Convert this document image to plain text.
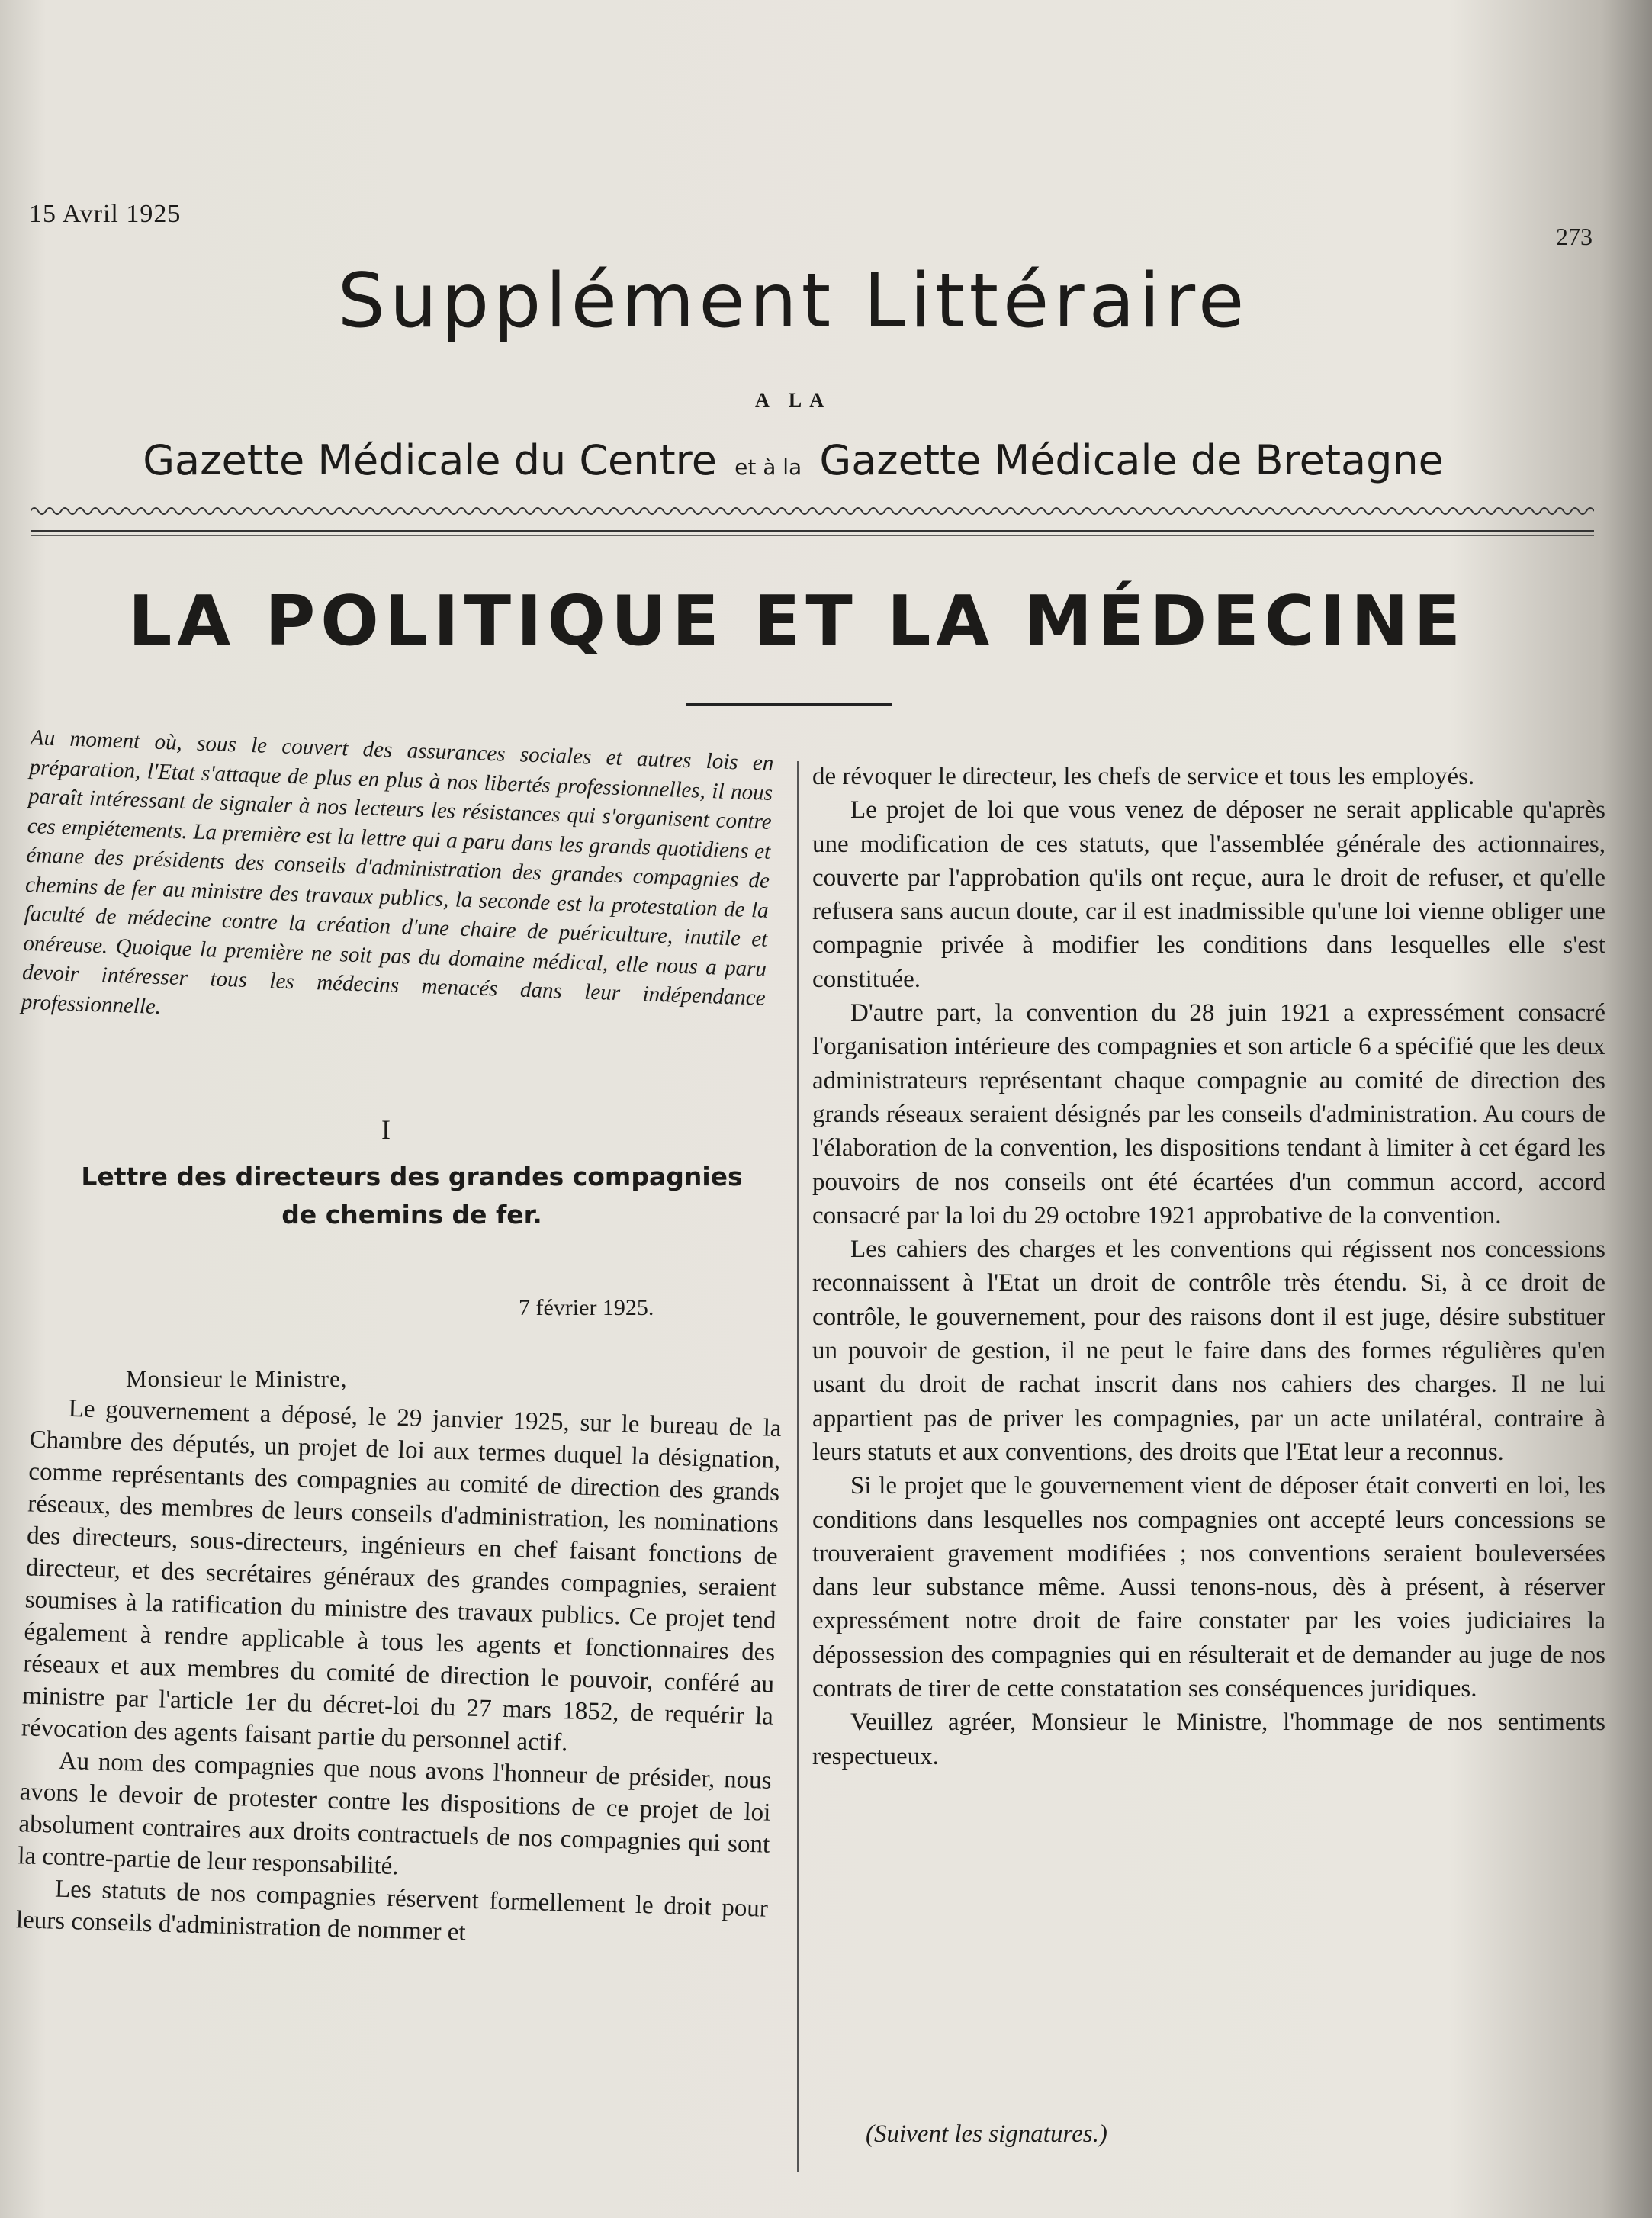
15 Avril 1925
273
Supplément Littéraire
A LA
Gazette Médicale du Centre et à la Gazette Médicale de Bretagne
LA POLITIQUE ET LA MÉDECINE
Au moment où, sous le couvert des assurances sociales et autres lois en préparation, l'Etat s'attaque de plus en plus à nos libertés professionnelles, il nous paraît intéressant de signaler à nos lecteurs les résistances qui s'organisent contre ces empiétements. La première est la lettre qui a paru dans les grands quotidiens et émane des présidents des conseils d'administration des grandes compagnies de chemins de fer au ministre des travaux publics, la seconde est la protestation de la faculté de médecine contre la création d'une chaire de puériculture, inutile et onéreuse. Quoique la première ne soit pas du domaine médical, elle nous a paru devoir intéresser tous les médecins menacés dans leur indépendance professionnelle.
I
Lettre des directeurs des grandes compagnies
de chemins de fer.
7 février 1925.
Monsieur le Ministre,

Le gouvernement a déposé, le 29 janvier 1925, sur le bureau de la Chambre des députés, un projet de loi aux termes duquel la désignation, comme représentants des compagnies au comité de direction des grands réseaux, des membres de leurs conseils d'administration, les nominations des directeurs, sous-directeurs, ingénieurs en chef faisant fonctions de directeur, et des secrétaires généraux des grandes compagnies, seraient soumises à la ratification du ministre des travaux publics. Ce projet tend également à rendre applicable à tous les agents et fonctionnaires des réseaux et aux membres du comité de direction le pouvoir, conféré au ministre par l'article 1er du décret-loi du 27 mars 1852, de requérir la révocation des agents faisant partie du personnel actif.

Au nom des compagnies que nous avons l'honneur de présider, nous avons le devoir de protester contre les dispositions de ce projet de loi absolument contraires aux droits contractuels de nos compagnies qui sont la contre-partie de leur responsabilité.

Les statuts de nos compagnies réservent formellement le droit pour leurs conseils d'administration de nommer et

de révoquer le directeur, les chefs de service et tous les employés.

Le projet de loi que vous venez de déposer ne serait applicable qu'après une modification de ces statuts, que l'assemblée générale des actionnaires, couverte par l'approbation qu'ils ont reçue, aura le droit de refuser, et qu'elle refusera sans aucun doute, car il est inadmissible qu'une loi vienne obliger une compagnie privée à modifier les conditions dans lesquelles elle s'est constituée.

D'autre part, la convention du 28 juin 1921 a expressément consacré l'organisation intérieure des compagnies et son article 6 a spécifié que les deux administrateurs représentant chaque compagnie au comité de direction des grands réseaux seraient désignés par les conseils d'administration. Au cours de l'élaboration de la convention, les dispositions tendant à limiter à cet égard les pouvoirs de nos conseils ont été écartées d'un commun accord, accord consacré par la loi du 29 octobre 1921 approbative de la convention.

Les cahiers des charges et les conventions qui régissent nos concessions reconnaissent à l'Etat un droit de contrôle très étendu. Si, à ce droit de contrôle, le gouvernement, pour des raisons dont il est juge, désire substituer un pouvoir de gestion, il ne peut le faire dans des formes régulières qu'en usant du droit de rachat inscrit dans nos cahiers des charges. Il ne lui appartient pas de priver les compagnies, par un acte unilatéral, contraire à leurs statuts et aux conventions, des droits que l'Etat leur a reconnus.

Si le projet que le gouvernement vient de déposer était converti en loi, les conditions dans lesquelles nos compagnies ont accepté leurs concessions se trouveraient gravement modifiées ; nos conventions seraient bouleversées dans leur substance même. Aussi tenons-nous, dès à présent, à réserver expressément notre droit de faire constater par les voies judiciaires la dépossession des compagnies qui en résulterait et de demander au juge de nos contrats de tirer de cette constatation ses conséquences juridiques.

Veuillez agréer, Monsieur le Ministre, l'hommage de nos sentiments respectueux.

(Suivent les signatures.)
